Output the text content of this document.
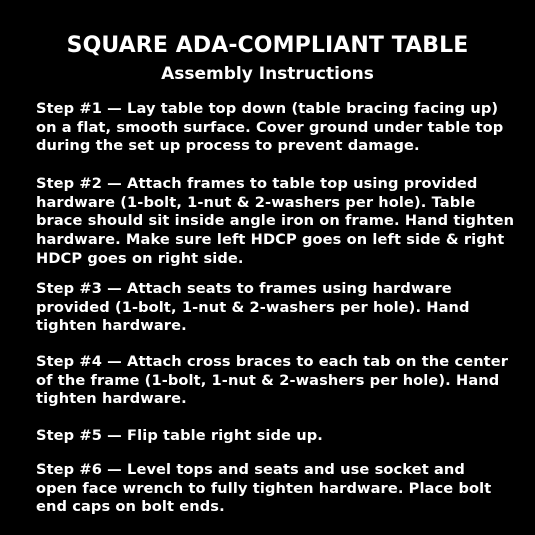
SQUARE ADA-COMPLIANT TABLE
Assembly Instructions

Step #1 — Lay table top down (table bracing facing up)
on a flat, smooth surface. Cover ground under table top
during the set up process to prevent damage.

Step #2 — Attach frames to table top using provided
hardware (1-bolt, 1-nut & 2-washers per hole). Table
brace should sit inside angle iron on frame. Hand tighten
hardware. Make sure left HDCP goes on left side & right
HDCP goes on right side.

Step #3 — Attach seats to frames using hardware
provided (1-bolt, 1-nut & 2-washers per hole). Hand
tighten hardware.

Step #4 — Attach cross braces to each tab on the center
of the frame (1-bolt, 1-nut & 2-washers per hole). Hand
tighten hardware.

Step #5 — Flip table right side up.

Step #6 — Level tops and seats and use socket and
open face wrench to fully tighten hardware. Place bolt
end caps on bolt ends.
